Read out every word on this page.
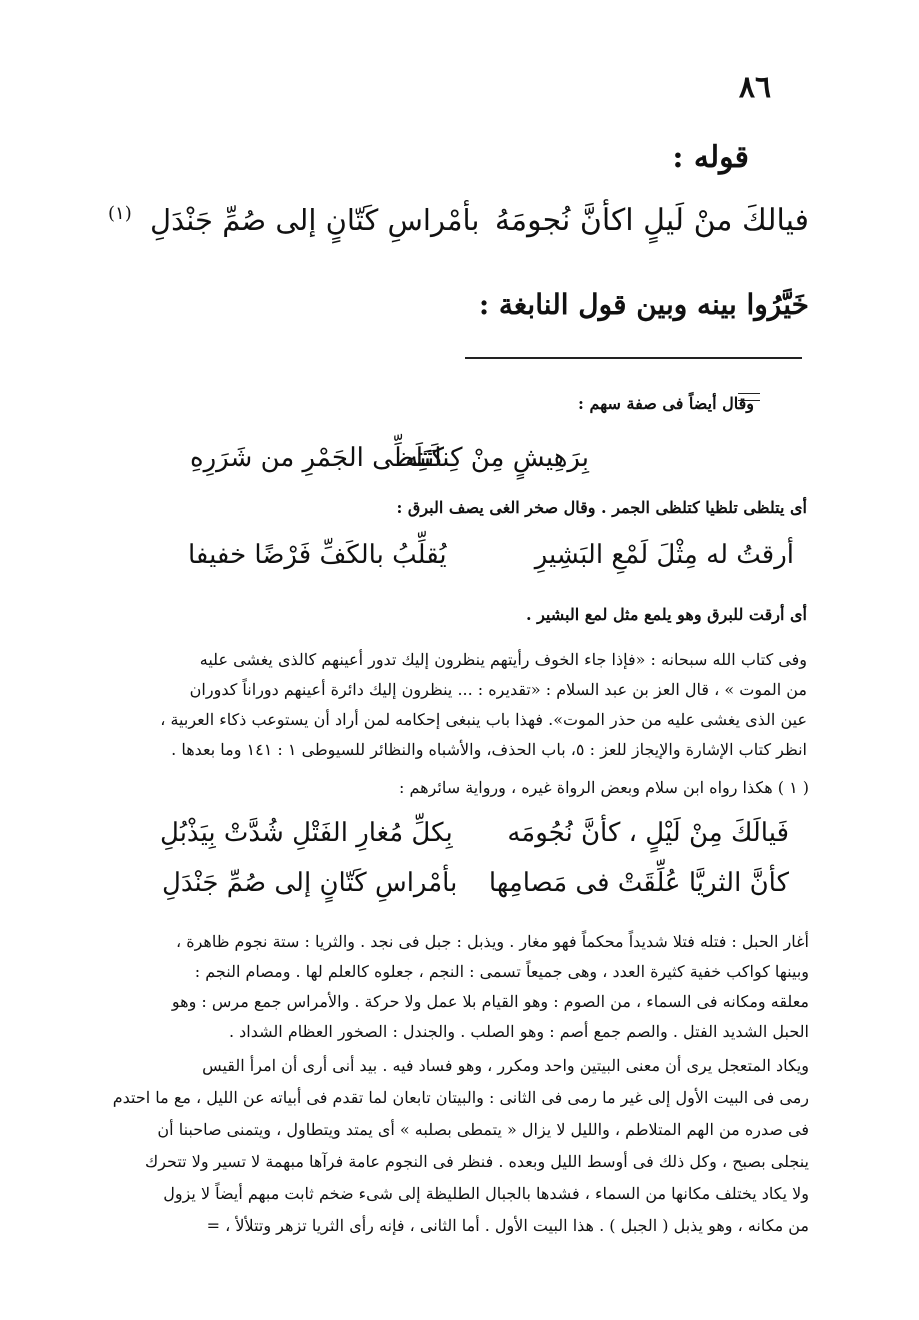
٨٦
قوله :
فيالكَ منْ لَيلٍ اكأنَّ نُجومَهُ
بأمْراسِ كَتّانٍ إلى صُمِّ جَنْدَلِ
(١)
خَيَّرُوا بينه وبين قول النابغة :
وقال أيضاً فى صفة سهم :
بِرَهِيشٍ مِنْ كِنانَتِه
كَتَلَظِّى الجَمْرِ من شَرَرِهِ
أى يتلظى تلظيا كتلظى الجمر . وقال صخر الغى يصف البرق :
أرقتُ له مِثْلَ لَمْعِ البَشِيرِ
يُقلِّبُ بالكَفِّ فَرْضًا خفيفا
أى أرقت للبرق وهو يلمع مثل لمع البشير .
وفى كتاب الله سبحانه : «فإذا جاء الخوف رأيتهم ينظرون إليك تدور أعينهم كالذى يغشى عليه
من الموت » ، قال العز بن عبد السلام : «تقديره : ... ينظرون إليك دائرة أعينهم دوراناً كدوران
عين الذى يغشى عليه من حذر الموت». فهذا باب ينبغى إحكامه لمن أراد أن يستوعب ذكاء العربية ،
انظر كتاب الإشارة والإيجاز للعز : ٥، باب الحذف، والأشباه والنظائر للسيوطى ١ : ١٤١ وما بعدها .
( ١ ) هكذا رواه ابن سلام وبعض الرواة غيره ، ورواية سائرهم :
فَيالَكَ مِنْ لَيْلٍ ، كأنَّ نُجُومَه
بِكلِّ مُغارِ الفَتْلِ شُدَّتْ بِيَذْبُلِ
كأنَّ الثريَّا عُلِّقَتْ فى مَصامِها
بأمْراسِ كَتّانٍ إلى صُمِّ جَنْدَلِ
أغار الحبل : فتله فتلا شديداً محكماً فهو مغار . ويذبل : جبل فى نجد . والثريا : ستة نجوم ظاهرة ،
وبينها كواكب خفية كثيرة العدد ، وهى جميعاً تسمى : النجم ، جعلوه كالعلم لها . ومصام النجم :
معلقه ومكانه فى السماء ، من الصوم : وهو القيام بلا عمل ولا حركة . والأمراس جمع مرس : وهو
الحبل الشديد الفتل . والصم جمع أصم : وهو الصلب . والجندل : الصخور العظام الشداد .
ويكاد المتعجل يرى أن معنى البيتين واحد ومكرر ، وهو فساد فيه . بيد أنى أرى أن امرأ القيس
رمى فى البيت الأول إلى غير ما رمى فى الثانى : والبيتان تابعان لما تقدم فى أبياته عن الليل ، مع ما احتدم
فى صدره من الهم المتلاطم ، والليل لا يزال « يتمطى بصلبه » أى يمتد ويتطاول ، ويتمنى صاحبنا أن
ينجلى بصبح ، وكل ذلك فى أوسط الليل وبعده . فنظر فى النجوم عامة فرآها مبهمة لا تسير ولا تتحرك
ولا يكاد يختلف مكانها من السماء ، فشدها بالجبال الطليظة إلى شىء ضخم ثابت مبهم أيضاً لا يزول
من مكانه ، وهو يذبل ( الجبل ) . هذا البيت الأول . أما الثانى ، فإنه رأى الثريا تزهر وتتلألأ ، =
